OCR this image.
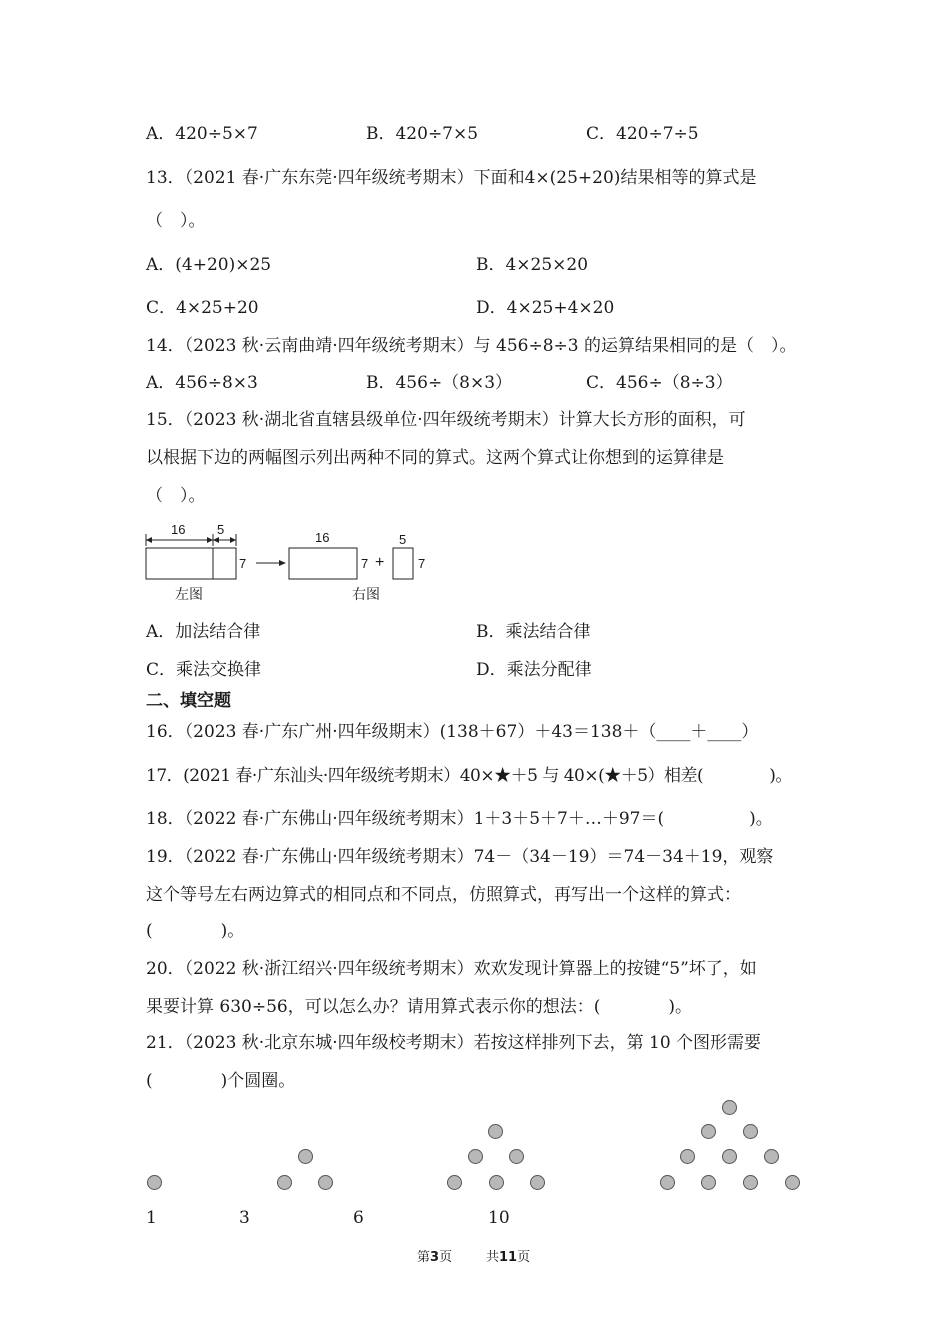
A．420÷5×7	B．420÷7×5	C．420÷7÷5
13．（2021 春·广东东莞·四年级统考期末）下面和4×(25+20)结果相等的算式是
（　）。
A．(4+20)×25	B．4×25×20
C．4×25+20	D．4×25+4×20
14．（2023 秋·云南曲靖·四年级统考期末）与 456÷8÷3 的运算结果相同的是（　）。
A．456÷8×3	B．456÷（8×3）	C．456÷（8÷3）
15．（2023 秋·湖北省直辖县级单位·四年级统考期末）计算大长方形的面积，可
以根据下边的两幅图示列出两种不同的算式。这两个算式让你想到的运算律是
（　）。
16 5
7
16	5
7 +	7
左图	右图
A．加法结合律	B．乘法结合律
C．乘法交换律	D．乘法分配律
二、填空题
16．（2023 春·广东广州·四年级期末）(138＋67）＋43＝138＋（____＋____）
17．(2021 春·广东汕头·四年级统考期末）40×★＋5 与 40×(★＋5）相差(　　　　)。
18．（2022 春·广东佛山·四年级统考期末）1＋3＋5＋7＋…＋97＝(　　　　　)。
19．（2022 春·广东佛山·四年级统考期末）74－（34－19）＝74－34＋19，观察
这个等号左右两边算式的相同点和不同点，仿照算式，再写出一个这样的算式：
(　　　　)。
20．（2022 秋·浙江绍兴·四年级统考期末）欢欢发现计算器上的按键“5”坏了，如
果要计算 630÷56，可以怎么办？请用算式表示你的想法：(　　　　)。
21．（2023 秋·北京东城·四年级校考期末）若按这样排列下去，第 10 个图形需要
(　　　　)个圆圈。
1	3	6	10
第3页	共11页
